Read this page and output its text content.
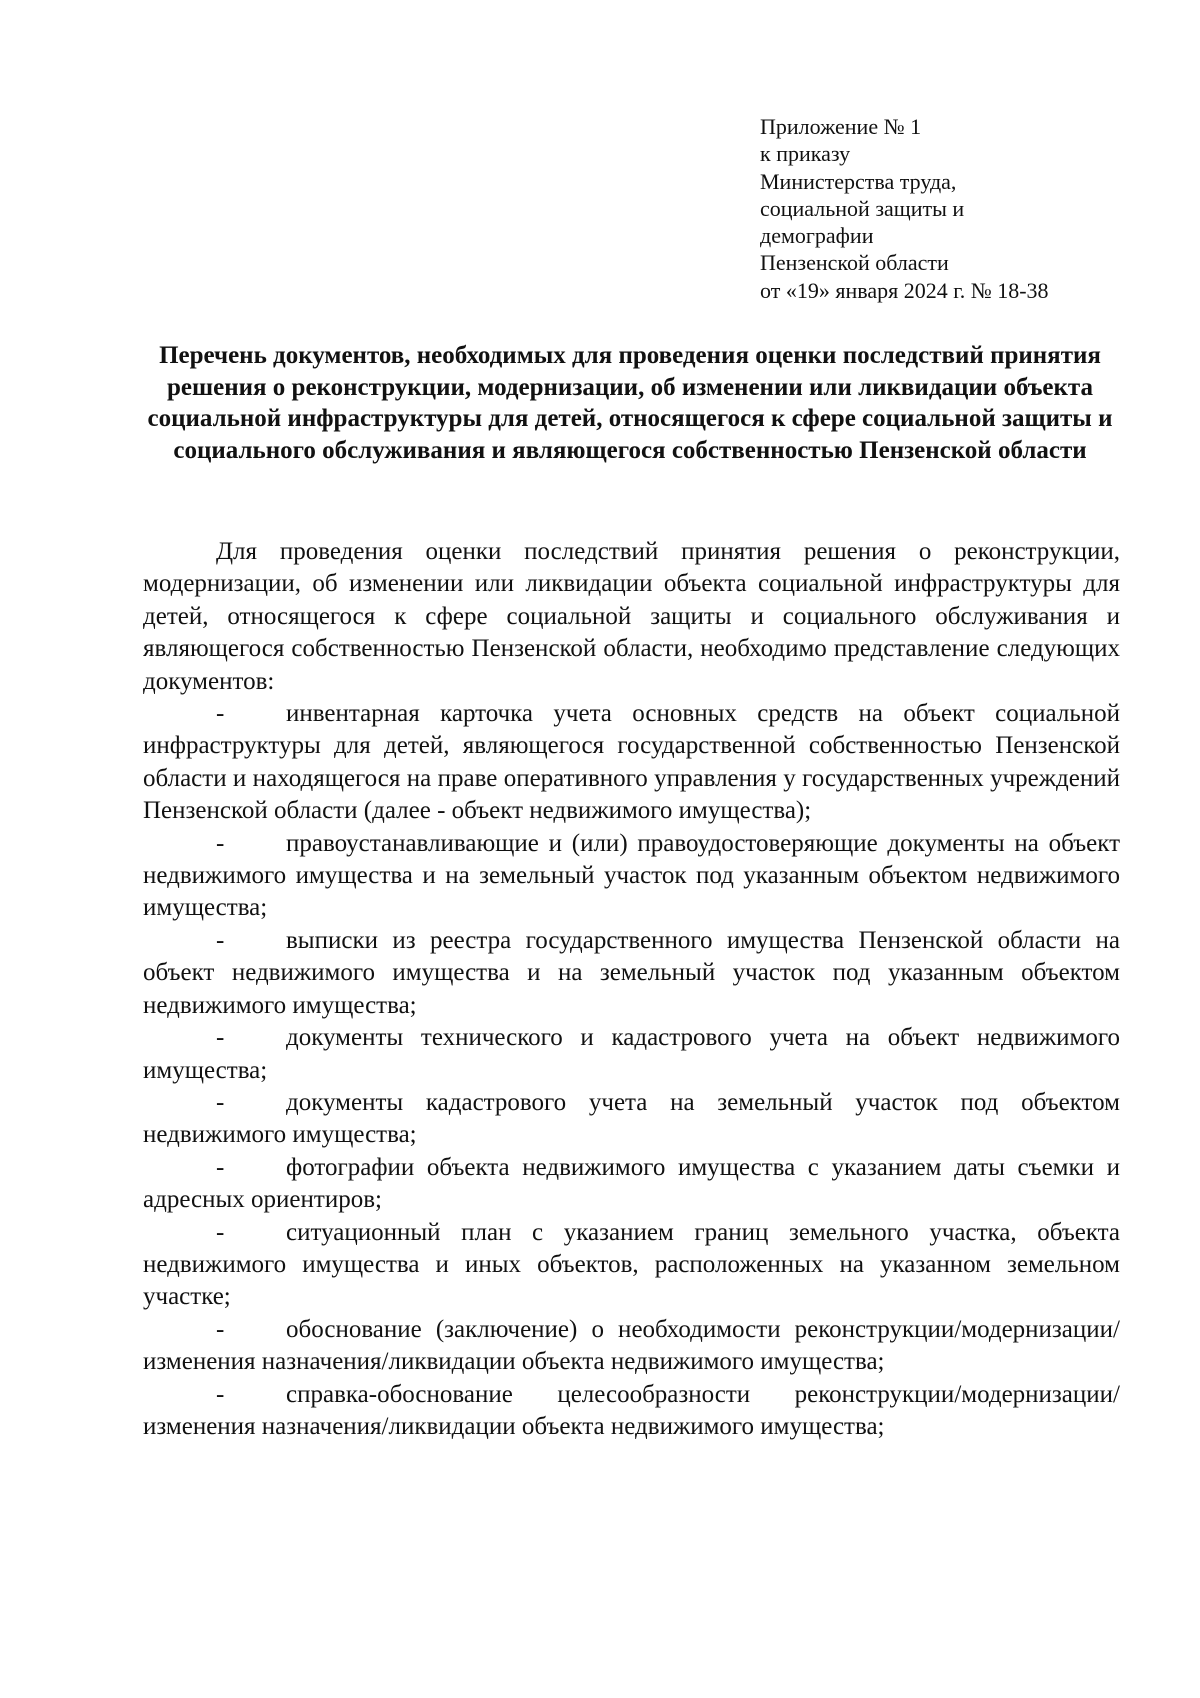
Приложение № 1
к приказу
Министерства труда,
социальной защиты и
демографии
Пензенской области
от «19» января 2024 г. № 18-38
Перечень документов, необходимых для проведения оценки последствий принятия решения о реконструкции, модернизации, об изменении или ликвидации объекта социальной инфраструктуры для детей, относящегося к сфере социальной защиты и социального обслуживания и являющегося собственностью Пензенской области

Для проведения оценки последствий принятия решения о реконструкции, модернизации, об изменении или ликвидации объекта социальной инфраструктуры для детей, относящегося к сфере социальной защиты и социального обслуживания и являющегося собственностью Пензенской области, необходимо представление следующих документов:

- инвентарная карточка учета основных средств на объект социальной инфраструктуры для детей, являющегося государственной собственностью Пензенской области и находящегося на праве оперативного управления у государственных учреждений Пензенской области (далее - объект недвижимого имущества);

- правоустанавливающие и (или) правоудостоверяющие документы на объект недвижимого имущества и на земельный участок под указанным объектом недвижимого имущества;

- выписки из реестра государственного имущества Пензенской области на объект недвижимого имущества и на земельный участок под указанным объектом недвижимого имущества;

- документы технического и кадастрового учета на объект недвижимого имущества;

- документы кадастрового учета на земельный участок под объектом недвижимого имущества;

- фотографии объекта недвижимого имущества с указанием даты съемки и адресных ориентиров;

- ситуационный план с указанием границ земельного участка, объекта недвижимого имущества и иных объектов, расположенных на указанном земельном участке;

- обоснование (заключение) о необходимости реконструкции/модернизации/изменения назначения/ликвидации объекта недвижимого имущества;

- справка-обоснование целесообразности реконструкции/модернизации/изменения назначения/ликвидации объекта недвижимого имущества;
